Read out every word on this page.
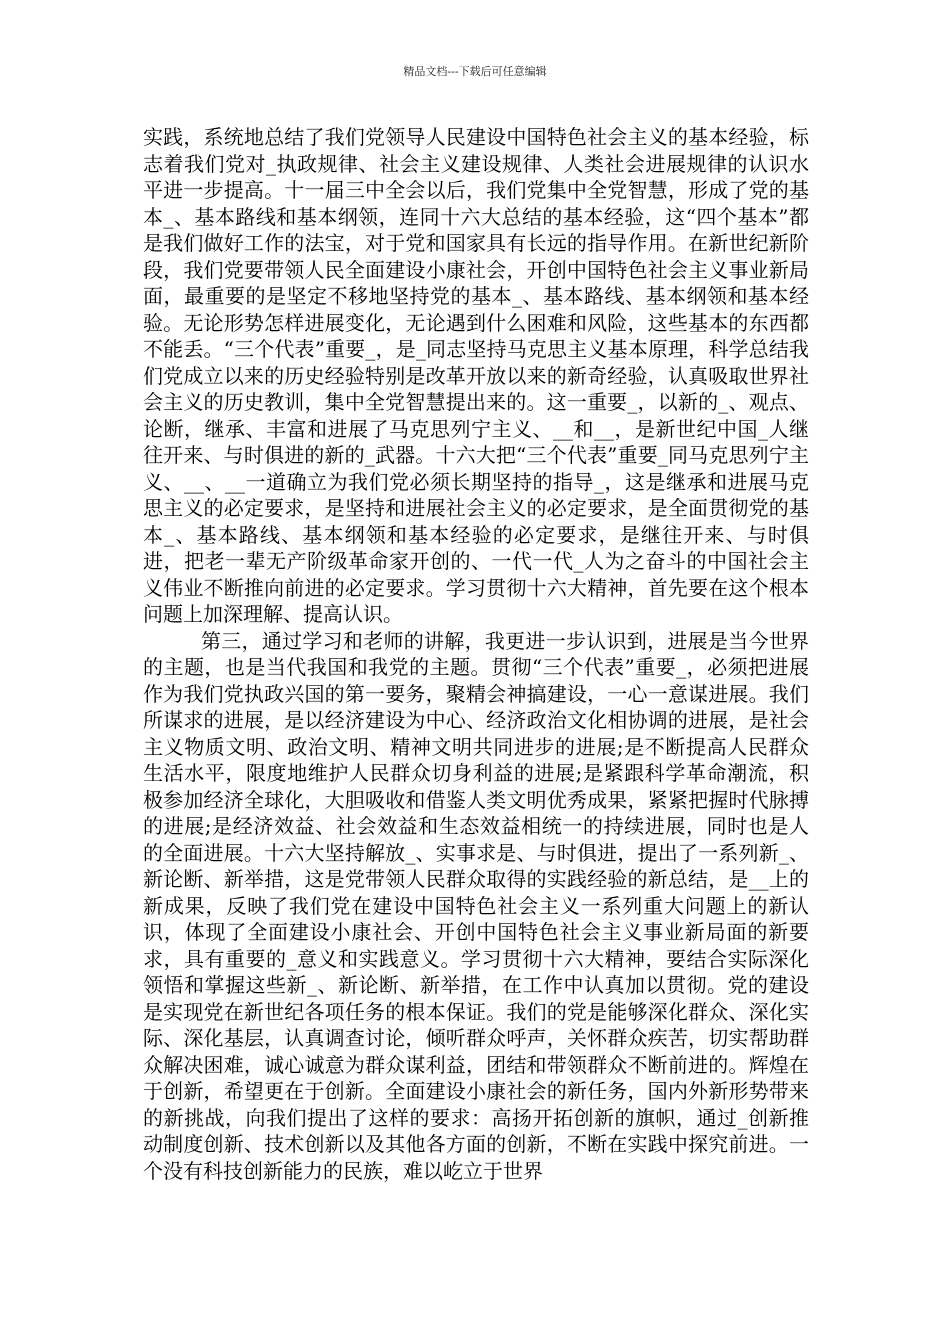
精品文档---下载后可任意编辑

实践，系统地总结了我们党领导人民建设中国特色社会主义的基本经验，标志着我们党对_执政规律、社会主义建设规律、人类社会进展规律的认识水平进一步提高。十一届三中全会以后，我们党集中全党智慧，形成了党的基本_、基本路线和基本纲领，连同十六大总结的基本经验，这“四个基本”都是我们做好工作的法宝，对于党和国家具有长远的指导作用。在新世纪新阶段，我们党要带领人民全面建设小康社会，开创中国特色社会主义事业新局面，最重要的是坚定不移地坚持党的基本_、基本路线、基本纲领和基本经验。无论形势怎样进展变化，无论遇到什么困难和风险，这些基本的东西都不能丢。“三个代表”重要_，是_同志坚持马克思主义基本原理，科学总结我们党成立以来的历史经验特别是改革开放以来的新奇经验，认真吸取世界社会主义的历史教训，集中全党智慧提出来的。这一重要_，以新的_、观点、论断，继承、丰富和进展了马克思列宁主义、__和__，是新世纪中国_人继往开来、与时俱进的新的_武器。十六大把“三个代表”重要_同马克思列宁主义、__、__一道确立为我们党必须长期坚持的指导_，这是继承和进展马克思主义的必定要求，是坚持和进展社会主义的必定要求，是全面贯彻党的基本_、基本路线、基本纲领和基本经验的必定要求，是继往开来、与时俱进，把老一辈无产阶级革命家开创的、一代一代_人为之奋斗的中国社会主义伟业不断推向前进的必定要求。学习贯彻十六大精神，首先要在这个根本问题上加深理解、提高认识。

第三，通过学习和老师的讲解，我更进一步认识到，进展是当今世界的主题，也是当代我国和我党的主题。贯彻“三个代表”重要_，必须把进展作为我们党执政兴国的第一要务，聚精会神搞建设，一心一意谋进展。我们所谋求的进展，是以经济建设为中心、经济政治文化相协调的进展，是社会主义物质文明、政治文明、精神文明共同进步的进展;是不断提高人民群众生活水平，限度地维护人民群众切身利益的进展;是紧跟科学革命潮流，积极参加经济全球化，大胆吸收和借鉴人类文明优秀成果，紧紧把握时代脉搏的进展;是经济效益、社会效益和生态效益相统一的持续进展，同时也是人的全面进展。十六大坚持解放_、实事求是、与时俱进，提出了一系列新_、新论断、新举措，这是党带领人民群众取得的实践经验的新总结，是__上的新成果，反映了我们党在建设中国特色社会主义一系列重大问题上的新认识，体现了全面建设小康社会、开创中国特色社会主义事业新局面的新要求，具有重要的_意义和实践意义。学习贯彻十六大精神，要结合实际深化领悟和掌握这些新_、新论断、新举措，在工作中认真加以贯彻。党的建设是实现党在新世纪各项任务的根本保证。我们的党是能够深化群众、深化实际、深化基层，认真调查讨论，倾听群众呼声，关怀群众疾苦，切实帮助群众解决困难，诚心诚意为群众谋利益，团结和带领群众不断前进的。辉煌在于创新，希望更在于创新。全面建设小康社会的新任务，国内外新形势带来的新挑战，向我们提出了这样的要求：高扬开拓创新的旗帜，通过_创新推动制度创新、技术创新以及其他各方面的创新，不断在实践中探究前进。一个没有科技创新能力的民族，难以屹立于世界
